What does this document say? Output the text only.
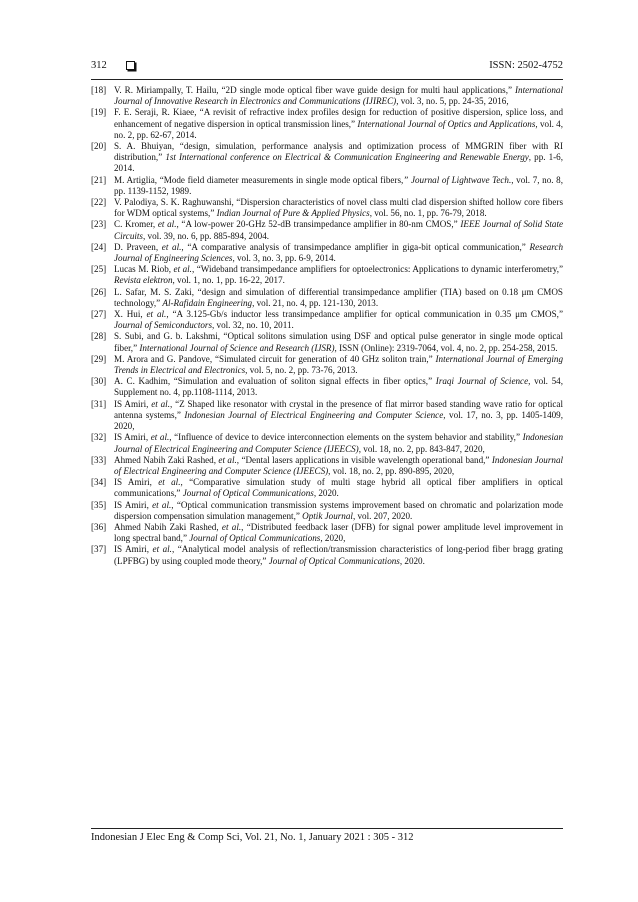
312	ISSN: 2502-4752

[18] V. R. Miriampally, T. Hailu, “2D single mode optical fiber wave guide design for multi haul applications,” International Journal of Innovative Research in Electronics and Communications (IJIREC), vol. 3, no. 5, pp. 24-35, 2016,

[19] F. E. Seraji, R. Kiaee, “A revisit of refractive index profiles design for reduction of positive dispersion, splice loss, and enhancement of negative dispersion in optical transmission lines,” International Journal of Optics and Applications, vol. 4, no. 2, pp. 62-67, 2014.

[20] S. A. Bhuiyan, “design, simulation, performance analysis and optimization process of MMGRIN fiber with RI distribution,” 1st International conference on Electrical & Communication Engineering and Renewable Energy, pp. 1-6, 2014.

[21] M. Artiglia, “Mode field diameter measurements in single mode optical fibers,” Journal of Lightwave Tech., vol. 7, no. 8, pp. 1139-1152, 1989.

[22] V. Palodiya, S. K. Raghuwanshi, “Dispersion characteristics of novel class multi clad dispersion shifted hollow core fibers for WDM optical systems,” Indian Journal of Pure & Applied Physics, vol. 56, no. 1, pp. 76-79, 2018.

[23] C. Kromer, et al., “A low-power 20-GHz 52-dB transimpedance amplifier in 80-nm CMOS,” IEEE Journal of Solid State Circuits, vol. 39, no. 6, pp. 885-894, 2004.

[24] D. Praveen, et al., “A comparative analysis of transimpedance amplifier in giga-bit optical communication,” Research Journal of Engineering Sciences, vol. 3, no. 3, pp. 6-9, 2014.

[25] Lucas M. Riob, et al., “Wideband transimpedance amplifiers for optoelectronics: Applications to dynamic interferometry,” Revista elektron, vol. 1, no. 1, pp. 16-22, 2017.

[26] L. Safar, M. S. Zaki, “design and simulation of differential transimpedance amplifier (TIA) based on 0.18 μm CMOS technology,” Al-Rafidain Engineering, vol. 21, no. 4, pp. 121-130, 2013.

[27] X. Hui, et al., “A 3.125-Gb/s inductor less transimpedance amplifier for optical communication in 0.35 μm CMOS,” Journal of Semiconductors, vol. 32, no. 10, 2011.

[28] S. Subi, and G. b. Lakshmi, “Optical solitons simulation using DSF and optical pulse generator in single mode optical fiber,” International Journal of Science and Research (IJSR), ISSN (Online): 2319-7064, vol. 4, no. 2, pp. 254-258, 2015.

[29] M. Arora and G. Pandove, “Simulated circuit for generation of 40 GHz soliton train,” International Journal of Emerging Trends in Electrical and Electronics, vol. 5, no. 2, pp. 73-76, 2013.

[30] A. C. Kadhim, “Simulation and evaluation of soliton signal effects in fiber optics,” Iraqi Journal of Science, vol. 54, Supplement no. 4, pp.1108-1114, 2013.

[31] IS Amiri, et al., “Z Shaped like resonator with crystal in the presence of flat mirror based standing wave ratio for optical antenna systems,” Indonesian Journal of Electrical Engineering and Computer Science, vol. 17, no. 3, pp. 1405-1409, 2020,

[32] IS Amiri, et al., “Influence of device to device interconnection elements on the system behavior and stability,” Indonesian Journal of Electrical Engineering and Computer Science (IJEECS), vol. 18, no. 2, pp. 843-847, 2020,

[33] Ahmed Nabih Zaki Rashed, et al., “Dental lasers applications in visible wavelength operational band,” Indonesian Journal of Electrical Engineering and Computer Science (IJEECS), vol. 18, no. 2, pp. 890-895, 2020,

[34] IS Amiri, et al., “Comparative simulation study of multi stage hybrid all optical fiber amplifiers in optical communications,” Journal of Optical Communications, 2020.

[35] IS Amiri, et al., “Optical communication transmission systems improvement based on chromatic and polarization mode dispersion compensation simulation management,” Optik Journal, vol. 207, 2020.

[36] Ahmed Nabih Zaki Rashed, et al., “Distributed feedback laser (DFB) for signal power amplitude level improvement in long spectral band,” Journal of Optical Communications, 2020,

[37] IS Amiri, et al., “Analytical model analysis of reflection/transmission characteristics of long-period fiber bragg grating (LPFBG) by using coupled mode theory,” Journal of Optical Communications, 2020.

Indonesian J Elec Eng & Comp Sci, Vol. 21, No. 1, January 2021 : 305 - 312
